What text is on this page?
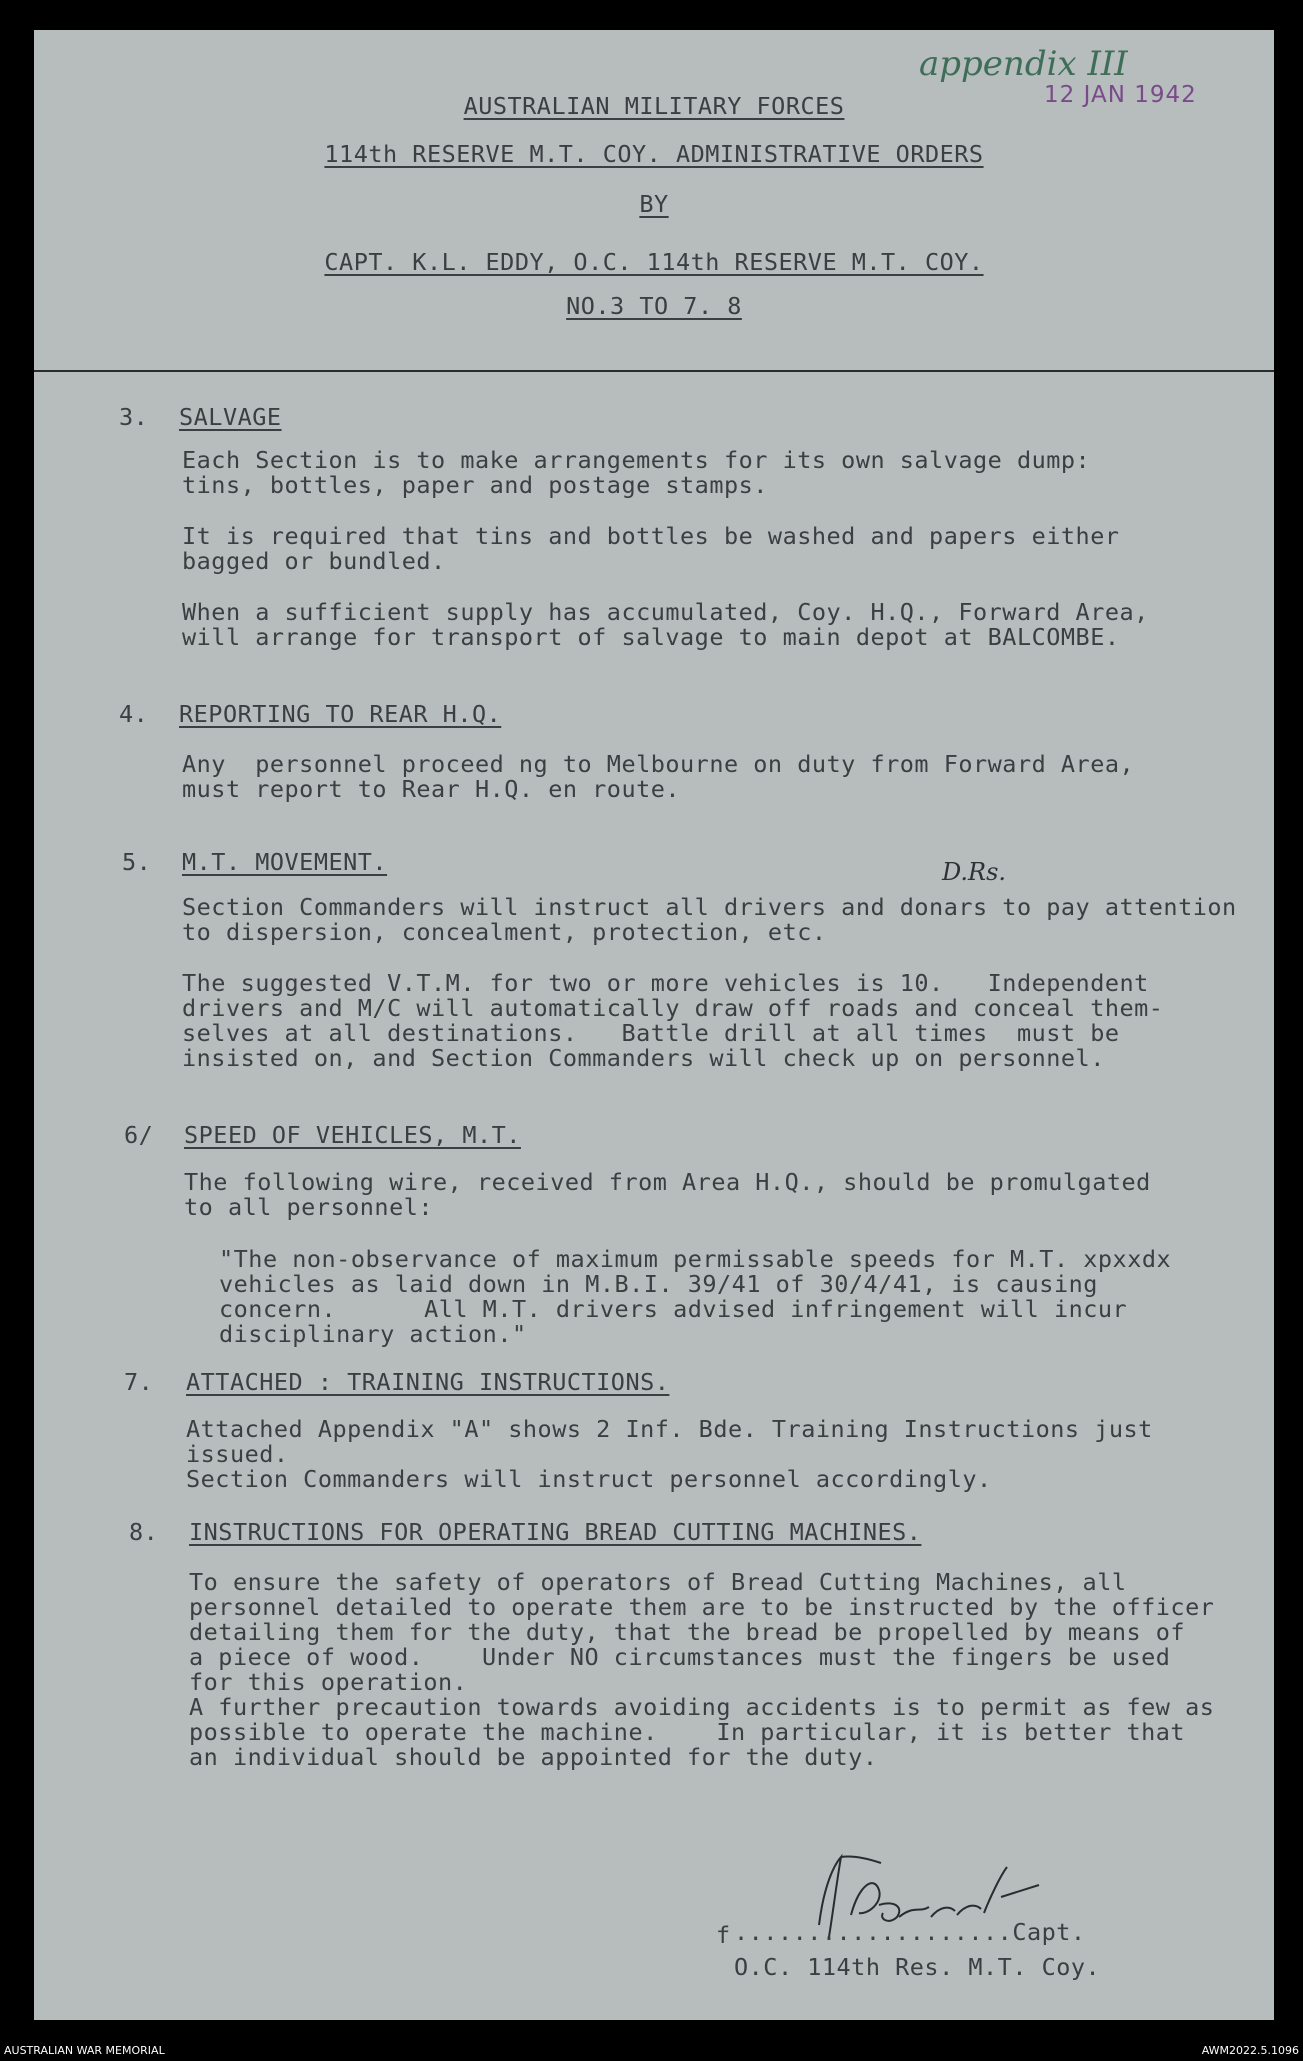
appendix III
12 JAN 1942
AUSTRALIAN MILITARY FORCES
114th RESERVE M.T. COY. ADMINISTRATIVE ORDERS
BY
CAPT. K.L. EDDY, O.C. 114th RESERVE M.T. COY.
NO.3 TO 7. 8
3. SALVAGE
Each Section is to make arrangements for its own salvage dump:
tins, bottles, paper and postage stamps.
It is required that tins and bottles be washed and papers either
bagged or bundled.
When a sufficient supply has accumulated, Coy. H.Q., Forward Area,
will arrange for transport of salvage to main depot at BALCOMBE.
4. REPORTING TO REAR H.Q.
Any  personnel proceed ng to Melbourne on duty from Forward Area,
must report to Rear H.Q. en route.
5. M.T. MOVEMENT.	D.Rs.
Section Commanders will instruct all drivers and donars to pay attention
to dispersion, concealment, protection, etc.
The suggested V.T.M. for two or more vehicles is 10.   Independent
drivers and M/C will automatically draw off roads and conceal them-
selves at all destinations.   Battle drill at all times  must be
insisted on, and Section Commanders will check up on personnel.
6/ SPEED OF VEHICLES, M.T.
The following wire, received from Area H.Q., should be promulgated
to all personnel:
"The non-observance of maximum permissable speeds for M.T. xpxxdx
vehicles as laid down in M.B.I. 39/41 of 30/4/41, is causing
concern.      All M.T. drivers advised infringement will incur
disciplinary action."
7. ATTACHED : TRAINING INSTRUCTIONS.
Attached Appendix "A" shows 2 Inf. Bde. Training Instructions just
issued.
Section Commanders will instruct personnel accordingly.
8. INSTRUCTIONS FOR OPERATING BREAD CUTTING MACHINES.
To ensure the safety of operators of Bread Cutting Machines, all
personnel detailed to operate them are to be instructed by the officer
detailing them for the duty, that the bread be propelled by means of
a piece of wood.    Under NO circumstances must the fingers be used
for this operation.
A further precaution towards avoiding accidents is to permit as few as
possible to operate the machine.    In particular, it is better that
an individual should be appointed for the duty.
f ...................Capt.
O.C. 114th Res. M.T. Coy.
AUSTRALIAN WAR MEMORIAL	AWM2022.5.1096
